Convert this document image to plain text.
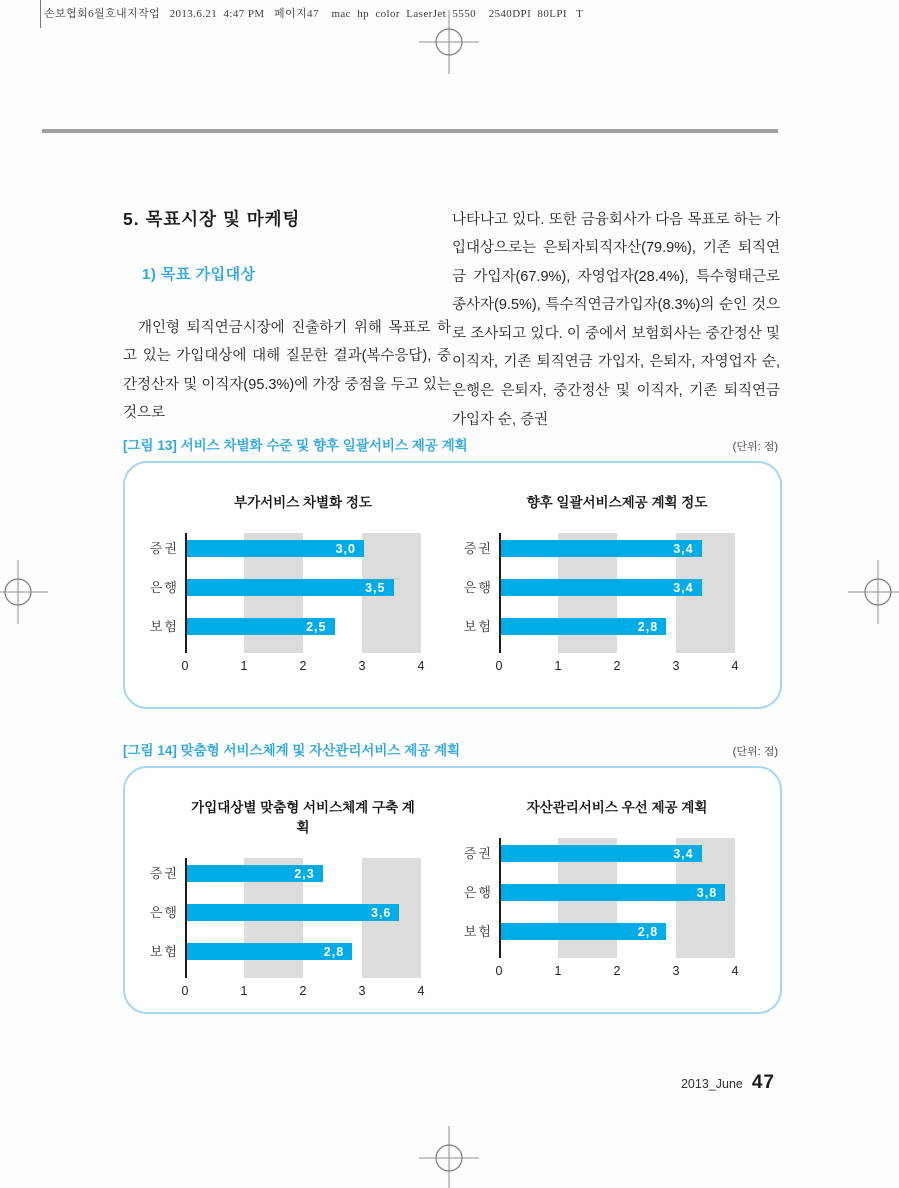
손보협회6월호내지작업   2013.6.21  4:47 PM   페이지47    mac  hp  color  LaserJet  5550    2540DPI  80LPI   T
5. 목표시장 및 마케팅
1) 목표 가입대상

개인형 퇴직연금시장에 진출하기 위해 목표로 하고 있는 가입대상에 대해 질문한 결과(복수응답), 중간정산자 및 이직자(95.3%)에 가장 중점을 두고 있는 것으로

나타나고 있다. 또한 금융회사가 다음 목표로 하는 가입대상으로는 은퇴자퇴직자산(79.9%), 기존 퇴직연금 가입자(67.9%), 자영업자(28.4%), 특수형태근로종사자(9.5%), 특수직연금가입자(8.3%)의 순인 것으로 조사되고 있다. 이 중에서 보험회사는 중간정산 및 이직자, 기존 퇴직연금 가입자, 은퇴자, 자영업자 순, 은행은 은퇴자, 중간정산 및 이직자, 기존 퇴직연금 가입자 순, 증권

[그림 13] 서비스 차별화 수준 및 향후 일괄서비스 제공 계획	(단위: 점)
부가서비스 차별화 정도
증권
은행
보험
3,0
3,5
2,5
0	1	2	3	4
향후 일괄서비스제공 계획 정도
증권
은행
보험
3,4
3,4
2,8
0	1	2	3	4
[그림 14] 맞춤형 서비스체계 및 자산관리서비스 제공 계획	(단위: 점)
가입대상별 맞춤형 서비스체계 구축 계획
증권
은행
보험
2,3
3,6
2,8
0	1	2	3	4
자산관리서비스 우선 제공 계획
증권
은행
보험
3,4
3,8
2,8
0	1	2	3	4
2013_June 47
